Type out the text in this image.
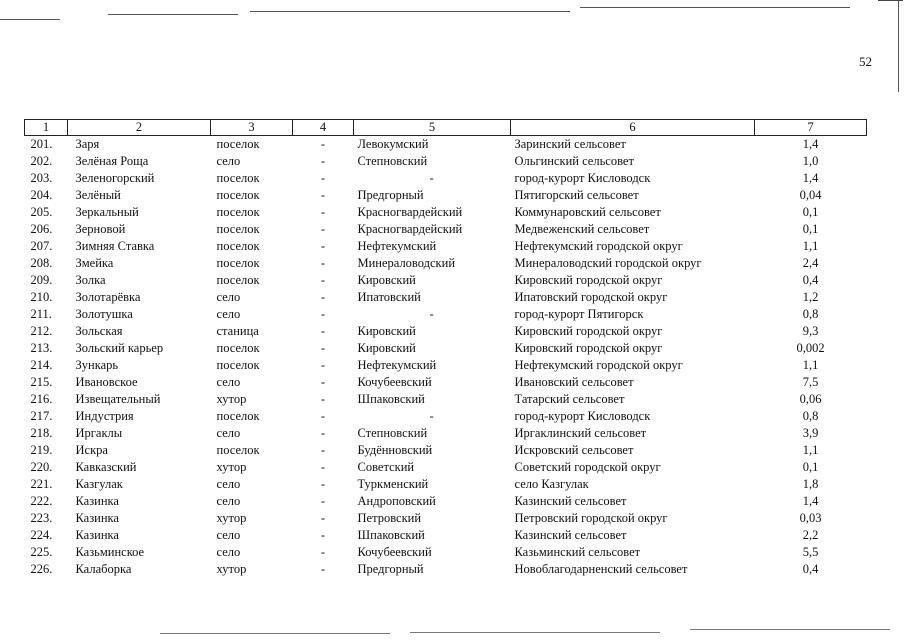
52
1	2	3	4	5	6	7
201.	Заря	поселок	-	Левокумский	Заринский сельсовет	1,4
202.	Зелёная Роща	село	-	Степновский	Ольгинский сельсовет	1,0
203.	Зеленогорский	поселок	-	-	город-курорт Кисловодск	1,4
204.	Зелёный	поселок	-	Предгорный	Пятигорский сельсовет	0,04
205.	Зеркальный	поселок	-	Красногвардейский	Коммунаровский сельсовет	0,1
206.	Зерновой	поселок	-	Красногвардейский	Медвеженский сельсовет	0,1
207.	Зимняя Ставка	поселок	-	Нефтекумский	Нефтекумский городской округ	1,1
208.	Змейка	поселок	-	Минераловодский	Минераловодский городской округ	2,4
209.	Золка	поселок	-	Кировский	Кировский городской округ	0,4
210.	Золотарёвка	село	-	Ипатовский	Ипатовский городской округ	1,2
211.	Золотушка	село	-	-	город-курорт Пятигорск	0,8
212.	Зольская	станица	-	Кировский	Кировский городской округ	9,3
213.	Зольский карьер	поселок	-	Кировский	Кировский городской округ	0,002
214.	Зункарь	поселок	-	Нефтекумский	Нефтекумский городской округ	1,1
215.	Ивановское	село	-	Кочубеевский	Ивановский сельсовет	7,5
216.	Извещательный	хутор	-	Шпаковский	Татарский сельсовет	0,06
217.	Индустрия	поселок	-	-	город-курорт Кисловодск	0,8
218.	Иргаклы	село	-	Степновский	Иргаклинский сельсовет	3,9
219.	Искра	поселок	-	Будённовский	Искровский сельсовет	1,1
220.	Кавказский	хутор	-	Советский	Советский городской округ	0,1
221.	Казгулак	село	-	Туркменский	село Казгулак	1,8
222.	Казинка	село	-	Андроповский	Казинский сельсовет	1,4
223.	Казинка	хутор	-	Петровский	Петровский городской округ	0,03
224.	Казинка	село	-	Шпаковский	Казинский сельсовет	2,2
225.	Казьминское	село	-	Кочубеевский	Казьминский сельсовет	5,5
226.	Калаборка	хутор	-	Предгорный	Новоблагодарненский сельсовет	0,4
